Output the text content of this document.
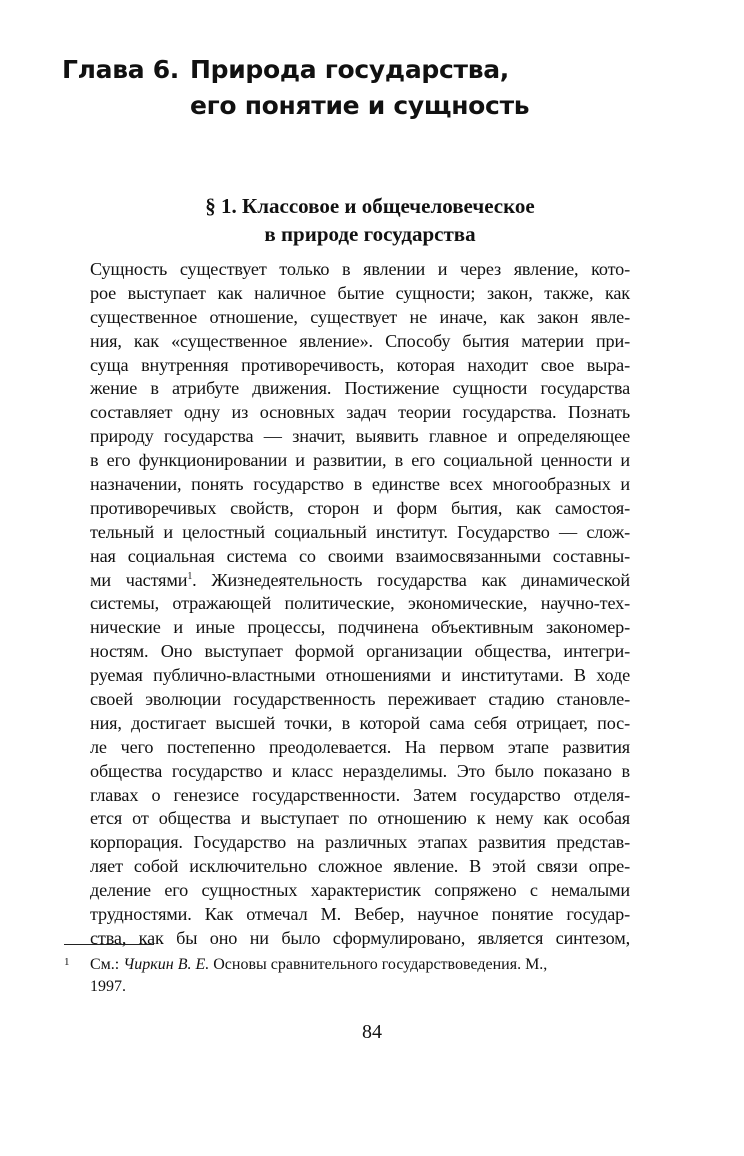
Глава 6. Природа государства,
его понятие и сущность
§ 1. Классовое и общечеловеческое
в природе государства
Сущность существует только в явлении и через явление, кото-
рое выступает как наличное бытие сущности; закон, также, как
существенное отношение, существует не иначе, как закон явле-
ния, как «существенное явление». Способу бытия материи при-
суща внутренняя противоречивость, которая находит свое выра-
жение в атрибуте движения. Постижение сущности государства
составляет одну из основных задач теории государства. Познать
природу государства — значит, выявить главное и определяющее
в его функционировании и развитии, в его социальной ценности и
назначении, понять государство в единстве всех многообразных и
противоречивых свойств, сторон и форм бытия, как самостоя-
тельный и целостный социальный институт. Государство — слож-
ная социальная система со своими взаимосвязанными составны-
ми частями$^1$. Жизнедеятельность государства как динамической
системы, отражающей политические, экономические, научно-тех-
нические и иные процессы, подчинена объективным закономер-
ностям. Оно выступает формой организации общества, интегри-
руемая публично-властными отношениями и институтами. В ходе
своей эволюции государственность переживает стадию становле-
ния, достигает высшей точки, в которой сама себя отрицает, пос-
ле чего постепенно преодолевается. На первом этапе развития
общества государство и класс неразделимы. Это было показано в
главах о генезисе государственности. Затем государство отделя-
ется от общества и выступает по отношению к нему как особая
корпорация. Государство на различных этапах развития представ-
ляет собой исключительно сложное явление. В этой связи опре-
деление его сущностных характеристик сопряжено с немалыми
трудностями. Как отмечал М. Вебер, научное понятие государ-
ства, как бы оно ни было сформулировано, является синтезом,
1	См.: Чиркин В. Е. Основы сравнительного государствоведения. М.,
1997.
84
